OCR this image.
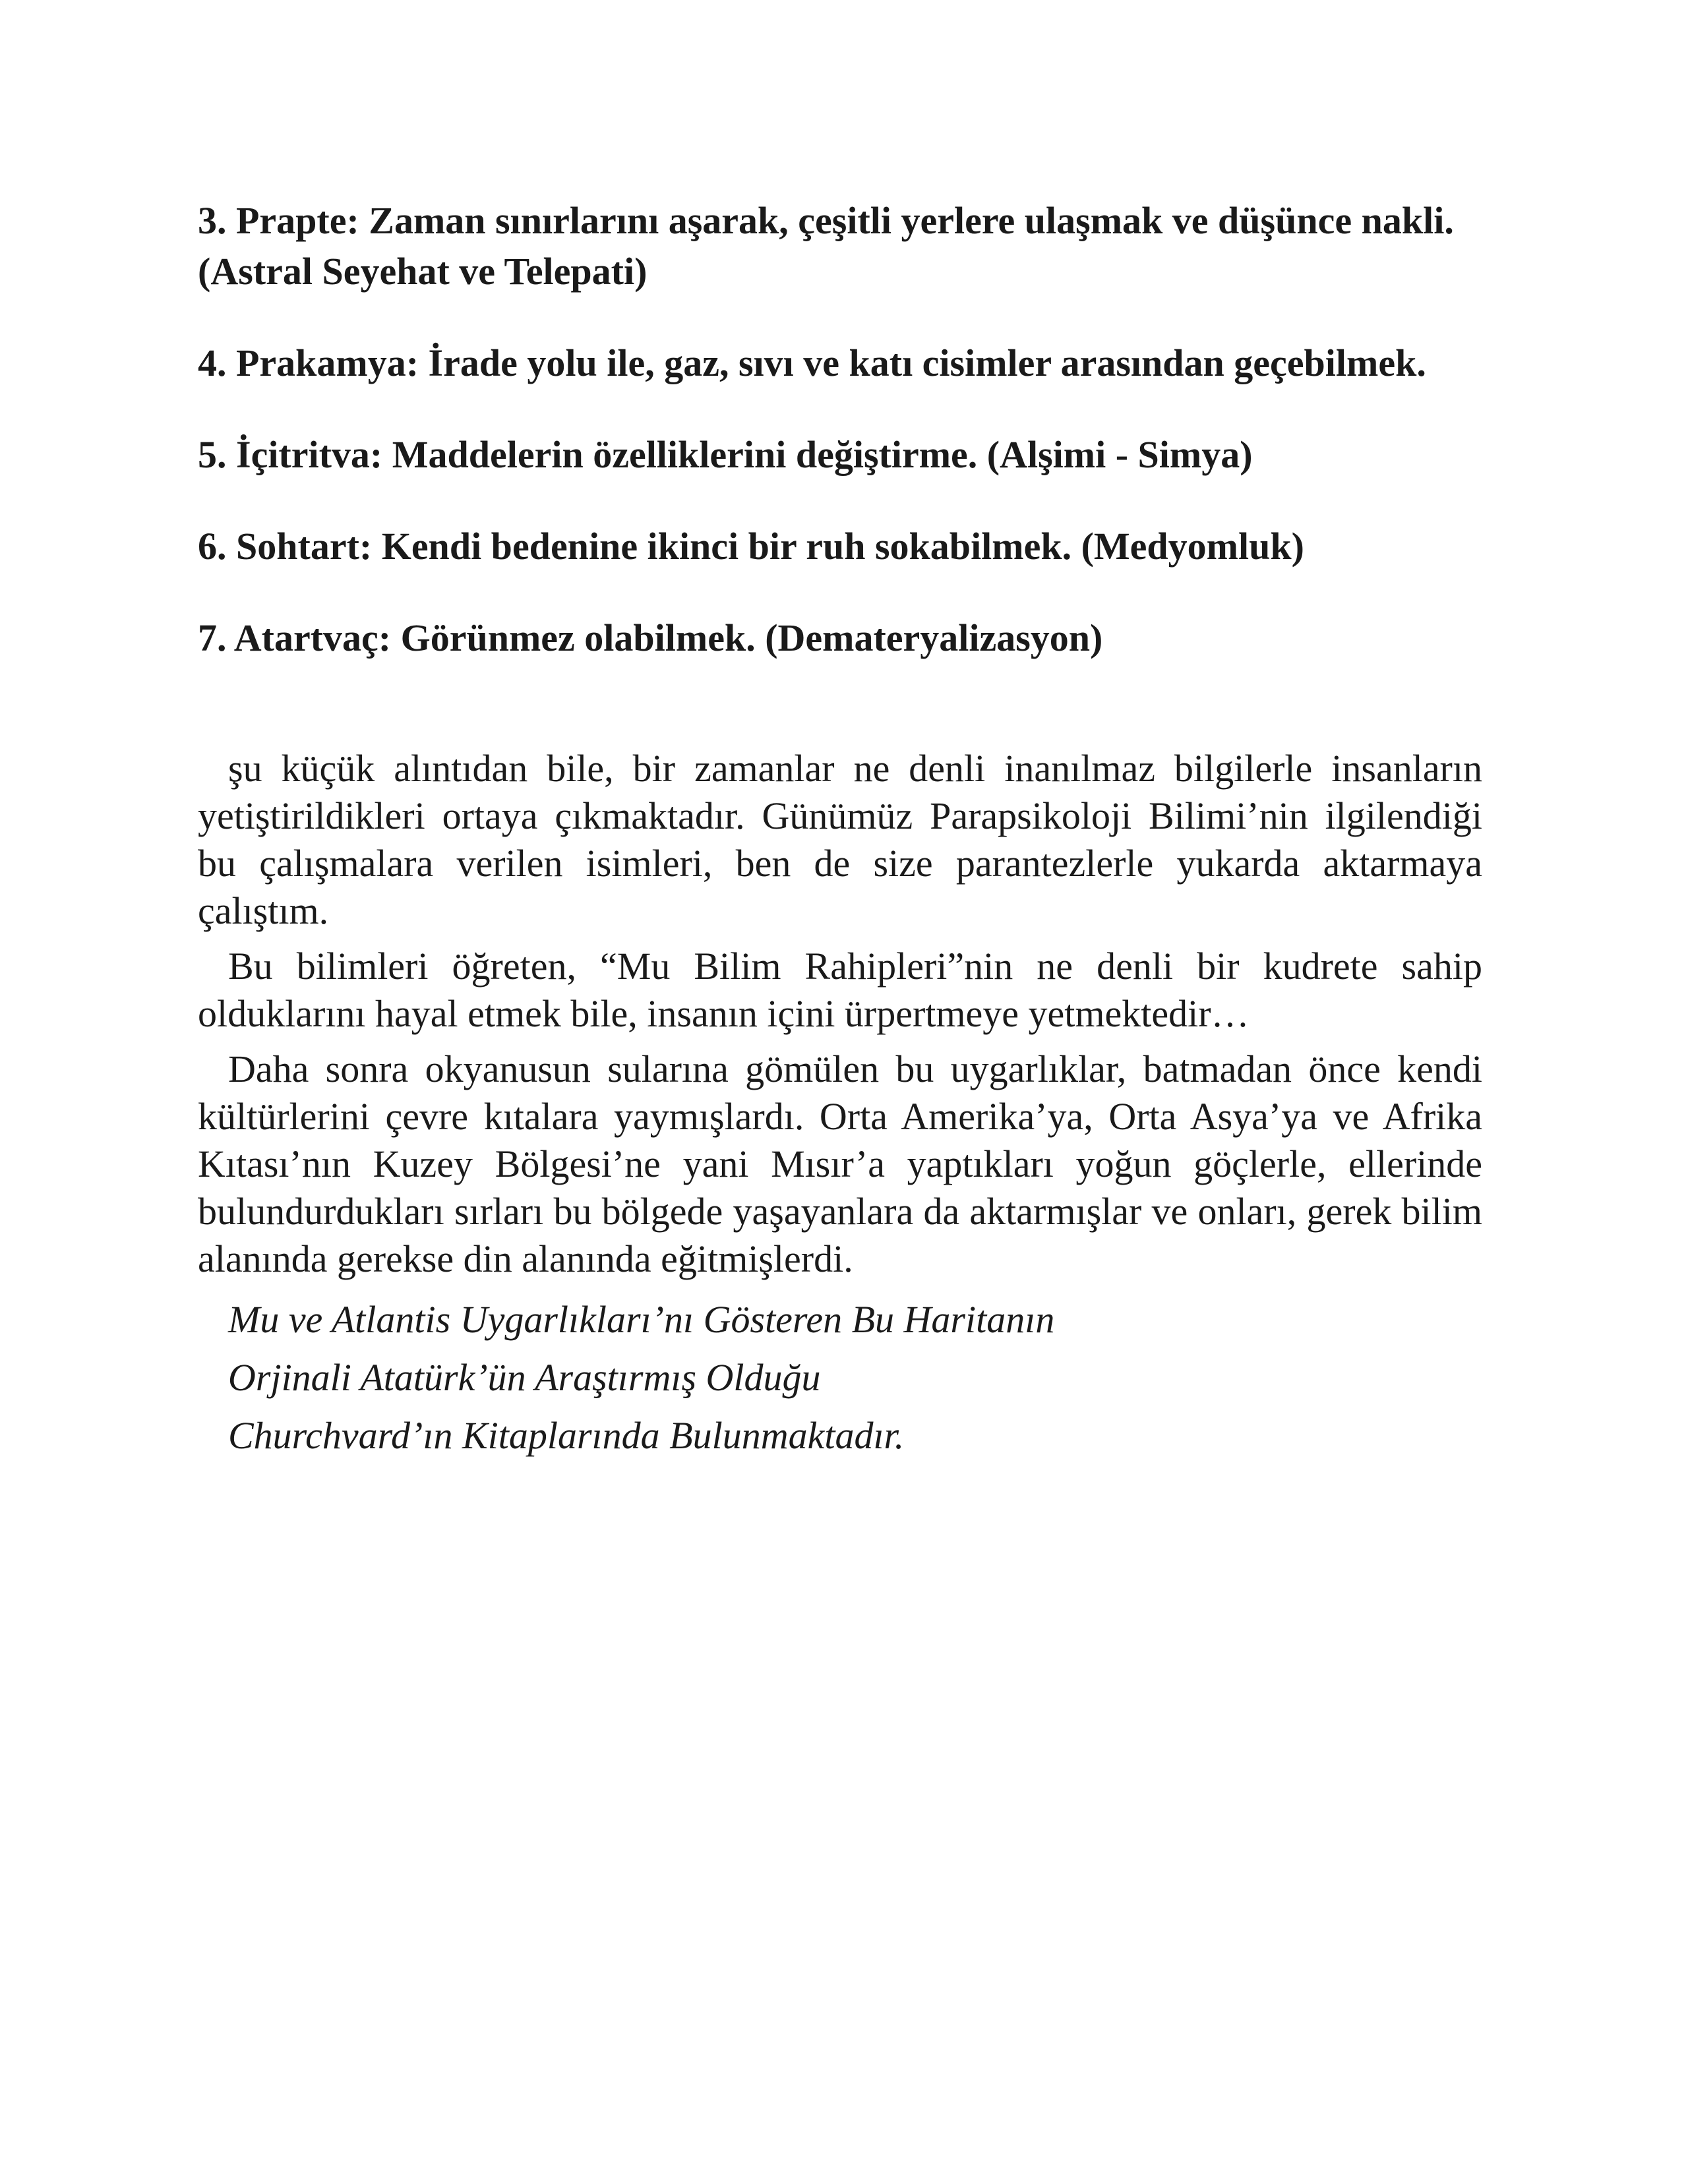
3. Prapte: Zaman sınırlarını aşarak, çeşitli yerlere ulaşmak ve düşünce nakli. (Astral Seyehat ve Telepati)

4. Prakamya: İrade yolu ile, gaz, sıvı ve katı cisimler arasından geçebilmek.

5. İçitritva: Maddelerin özelliklerini değiştirme. (Alşimi - Simya)

6. Sohtart: Kendi bedenine ikinci bir ruh sokabilmek. (Medyomluk)

7. Atartvaç: Görünmez olabilmek. (Demateryalizasyon)

şu küçük alıntıdan bile, bir zamanlar ne denli inanılmaz bilgilerle insanların yetiştirildikleri ortaya çıkmaktadır. Günümüz Parapsikoloji Bilimi’nin ilgilendiği bu çalışmalara verilen isimleri, ben de size parantezlerle yukarda aktarmaya çalıştım.

Bu bilimleri öğreten, “Mu Bilim Rahipleri”nin ne denli bir kudrete sahip olduklarını hayal etmek bile, insanın içini ürpertmeye yetmektedir…

Daha sonra okyanusun sularına gömülen bu uygarlıklar, batmadan önce kendi kültürlerini çevre kıtalara yaymışlardı. Orta Amerika’ya, Orta Asya’ya ve Afrika Kıtası’nın Kuzey Bölgesi’ne yani Mısır’a yaptıkları yoğun göçlerle, ellerinde bulundurdukları sırları bu bölgede yaşayanlara da aktarmışlar ve onları, gerek bilim alanında gerekse din alanında eğitmişlerdi.

Mu ve Atlantis Uygarlıkları’nı Gösteren Bu Haritanın

Orjinali Atatürk’ün Araştırmış Olduğu

Churchvard’ın Kitaplarında Bulunmaktadır.
